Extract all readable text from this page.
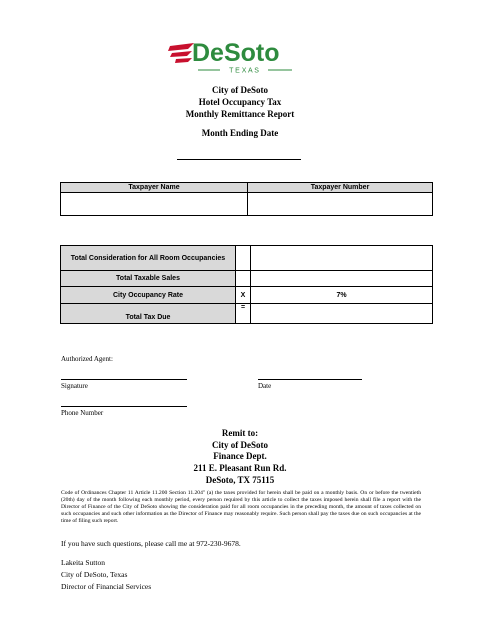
DeSoto
T E X A S
City of DeSoto
Hotel Occupancy Tax
Monthly Remittance Report
Month Ending Date
Taxpayer Name	Taxpayer Number

Total Consideration for All Room Occupancies		
Total Taxable Sales		
City Occupancy Rate	X	7%
Total Tax Due	=	
Authorized Agent:
Signature	Date
Phone Number
Remit to:
City of DeSoto
Finance Dept.
211 E. Pleasant Run Rd.
DeSoto, TX 75115
Code of Ordinances Chapter 11 Article 11.200 Section 11.204" (a) the taxes provided for herein shall be paid on a monthly basis. On or before the twentieth (20th) day of the month following each monthly period, every person required by this article to collect the taxes imposed herein shall file a report with the Director of Finance of the City of DeSoto showing the consideration paid for all room occupancies in the preceding month, the amount of taxes collected on such occupancies and such other information as the Director of Finance may reasonably require. Such person shall pay the taxes due on such occupancies at the time of filing such report.
If you have such questions, please call me at 972-230-9678.
Lakeita Sutton
City of DeSoto, Texas
Director of Financial Services
